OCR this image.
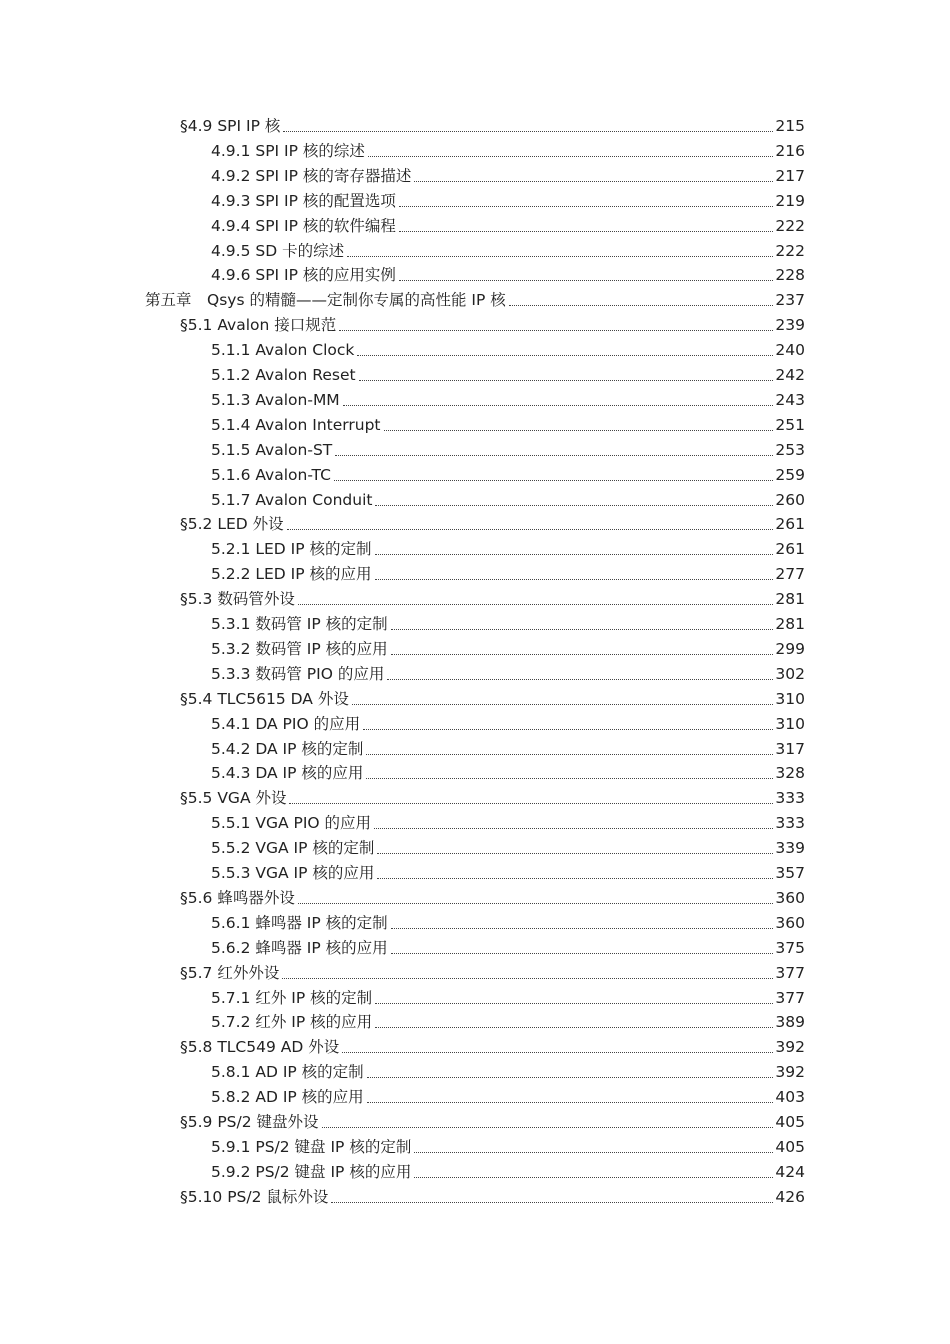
§4.9 SPI IP 核	215
4.9.1 SPI IP 核的综述	216
4.9.2 SPI IP 核的寄存器描述	217
4.9.3 SPI IP 核的配置选项	219
4.9.4 SPI IP 核的软件编程	222
4.9.5 SD 卡的综述	222
4.9.6 SPI IP 核的应用实例	228
第五章　Qsys 的精髓——定制你专属的高性能 IP 核	237
§5.1 Avalon 接口规范	239
5.1.1 Avalon Clock	240
5.1.2 Avalon Reset	242
5.1.3 Avalon-MM	243
5.1.4 Avalon Interrupt	251
5.1.5 Avalon-ST	253
5.1.6 Avalon-TC	259
5.1.7 Avalon Conduit	260
§5.2 LED 外设	261
5.2.1 LED IP 核的定制	261
5.2.2 LED IP 核的应用	277
§5.3 数码管外设	281
5.3.1 数码管 IP 核的定制	281
5.3.2 数码管 IP 核的应用	299
5.3.3 数码管 PIO 的应用	302
§5.4 TLC5615 DA 外设	310
5.4.1 DA PIO 的应用	310
5.4.2 DA IP 核的定制	317
5.4.3 DA IP 核的应用	328
§5.5 VGA 外设	333
5.5.1 VGA PIO 的应用	333
5.5.2 VGA IP 核的定制	339
5.5.3 VGA IP 核的应用	357
§5.6 蜂鸣器外设	360
5.6.1 蜂鸣器 IP 核的定制	360
5.6.2 蜂鸣器 IP 核的应用	375
§5.7 红外外设	377
5.7.1 红外 IP 核的定制	377
5.7.2 红外 IP 核的应用	389
§5.8 TLC549 AD 外设	392
5.8.1 AD IP 核的定制	392
5.8.2 AD IP 核的应用	403
§5.9 PS/2 键盘外设	405
5.9.1 PS/2 键盘 IP 核的定制	405
5.9.2 PS/2 键盘 IP 核的应用	424
§5.10 PS/2 鼠标外设	426
